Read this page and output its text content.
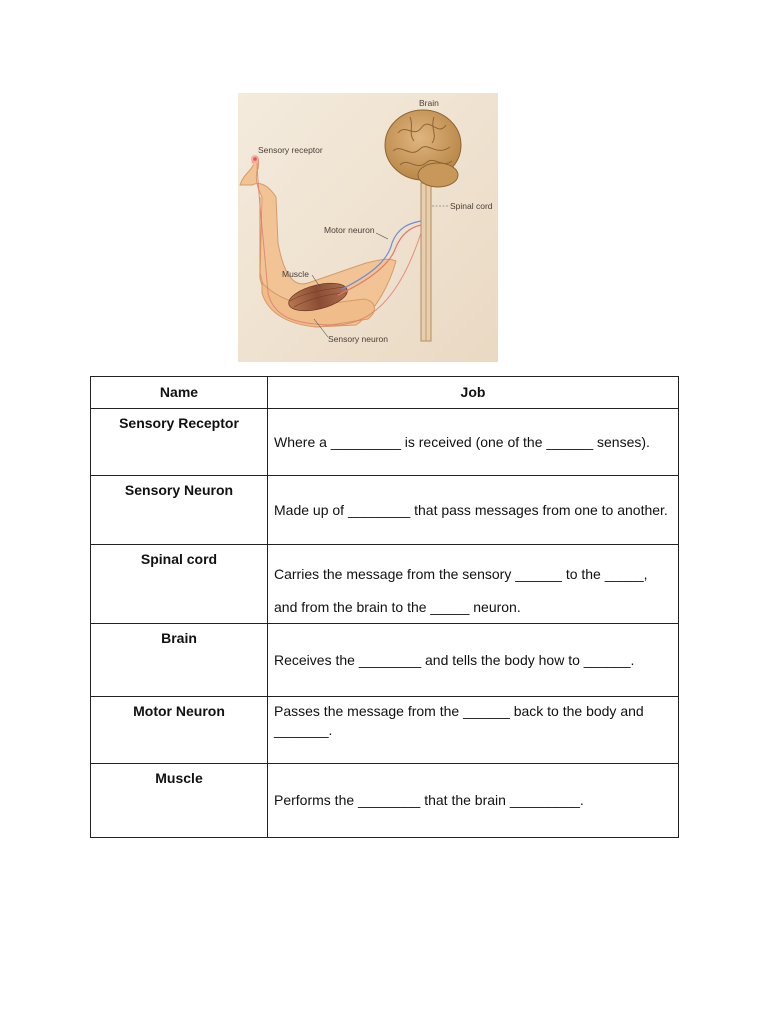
Brain
Sensory receptor
Spinal cord
Motor neuron
Muscle
Sensory neuron
Name	Job
Sensory Receptor	Where a _________ is received (one of the ______ senses).
Sensory Neuron	Made up of ________ that pass messages from one to another.
Spinal cord	Carries the message from the sensory ______ to the _____,
and from the brain to the _____ neuron.

Brain	Receives the ________ and tells the body how to ______.
Motor Neuron	Passes the message from the ______ back to the body and _______.
Muscle	Performs the ________ that the brain _________.
